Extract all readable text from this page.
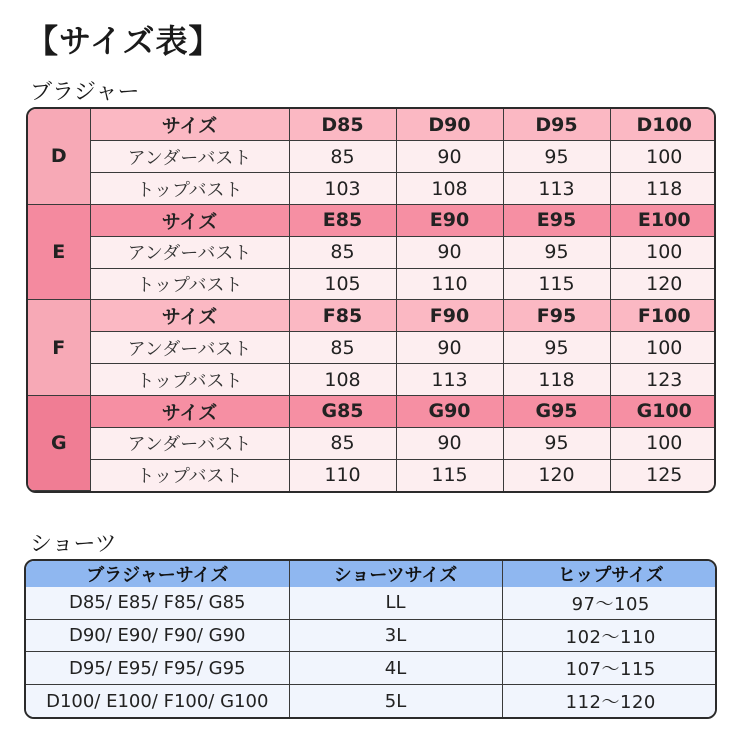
【サイズ表】
ブラジャー
D	サイズ	D85	D90	D95	D100
	アンダーバスト	85	90	95	100
	トップバスト	103	108	113	118
E	サイズ	E85	E90	E95	E100
	アンダーバスト	85	90	95	100
	トップバスト	105	110	115	120
F	サイズ	F85	F90	F95	F100
	アンダーバスト	85	90	95	100
	トップバスト	108	113	118	123
G	サイズ	G85	G90	G95	G100
	アンダーバスト	85	90	95	100
	トップバスト	110	115	120	125
ショーツ
ブラジャーサイズ	ショーツサイズ	ヒップサイズ
D85/ E85/ F85/ G85	LL	97～105
D90/ E90/ F90/ G90	3L	102～110
D95/ E95/ F95/ G95	4L	107～115
D100/ E100/ F100/ G100	5L	112～120
